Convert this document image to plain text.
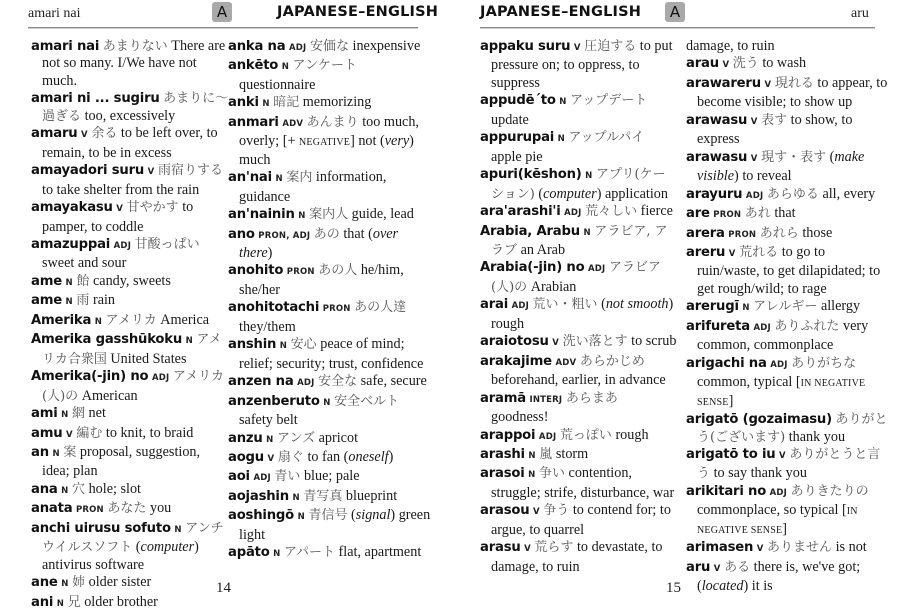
amari nai	A	JAPANESE–ENGLISH
amari nai あまりない There are not so many. I/We have not much.
amari ni ... sugiru あまりに〜過ぎる too, excessively
amaru V 余る to be left over, to remain, to be in excess
amayadori suru V 雨宿りする to take shelter from the rain
amayakasu V 甘やかす to pamper, to coddle
amazuppai ADJ 甘酸っぱい sweet and sour
ame N 飴 candy, sweets
ame N 雨 rain
Amerika N アメリカ America
Amerika gasshūkoku N アメリカ合衆国 United States
Amerika(-jin) no ADJ アメリカ(人)の American
ami N 網 net
amu V 編む to knit, to braid
an N 案 proposal, suggestion, idea; plan
ana N 穴 hole; slot
anata PRON あなた you
anchi uirusu sofuto N アンチウイルスソフト (computer) antivirus software
ane N 姉 older sister
ani N 兄 older brother
anka na ADJ 安価な inexpensive
ankēto N アンケート questionnaire
anki N 暗記 memorizing
anmari ADV あんまり too much, overly; [+ NEGATIVE] not (very) much
an'nai N 案内 information, guidance
an'nainin N 案内人 guide, lead
ano PRON, ADJ あの that (over there)
anohito PRON あの人 he/him, she/her
anohitotachi PRON あの人達 they/them
anshin N 安心 peace of mind; relief; security; trust, confidence
anzen na ADJ 安全な safe, secure
anzenberuto N 安全ベルト safety belt
anzu N アンズ apricot
aogu V 扇ぐ to fan (oneself)
aoi ADJ 青い blue; pale
aojashin N 青写真 blueprint
aoshingō N 青信号 (signal) green light
apāto N アパート flat, apartment
14
JAPANESE–ENGLISH	A	aru
appaku suru V 圧迫する to put pressure on; to oppress, to suppress
appudē´to N アップデート update
appurupai N アップルパイ apple pie
apuri(kēshon) N アプリ(ケーション) (computer) application
ara'arashi'i ADJ 荒々しい fierce
Arabia, Arabu N アラビア, アラブ an Arab
Arabia(-jin) no ADJ アラビア(人)の Arabian
arai ADJ 荒い・粗い (not smooth) rough
araiotosu V 洗い落とす to scrub
arakajime ADV あらかじめ beforehand, earlier, in advance
aramā INTERJ あらまあ goodness!
arappoi ADJ 荒っぽい rough
arashi N 嵐 storm
arasoi N 争い contention, struggle; strife, disturbance, war
arasou V 争う to contend for; to argue, to quarrel
arasu V 荒らす to devastate, to damage, to ruin
damage, to ruin
arau V 洗う to wash
arawareru V 現れる to appear, to become visible; to show up
arawasu V 表す to show, to express
arawasu V 現す・表す (make visible) to reveal
arayuru ADJ あらゆる all, every
are PRON あれ that
arera PRON あれら those
areru V 荒れる to go to ruin/waste, to get dilapidated; to get rough/wild; to rage
arerugī N アレルギー allergy
arifureta ADJ ありふれた very common, commonplace
arigachi na ADJ ありがちな common, typical [IN NEGATIVE SENSE]
arigatō (gozaimasu) ありがとう(ございます) thank you
arigatō to iu V ありがとうと言う to say thank you
arikitari no ADJ ありきたりの commonplace, so typical [IN NEGATIVE SENSE]
arimasen V ありません is not
aru V ある there is, we've got; (located) it is
15
